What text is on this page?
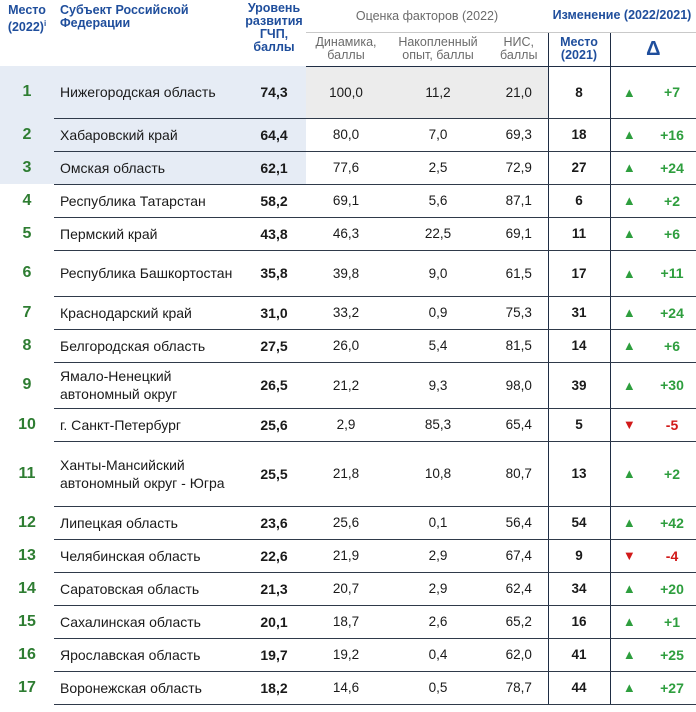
Место $(2022)^i$	Субъект Российской Федерации	Уровень развития ГЧП, баллы	Оценка факторов (2022)			Изменение (2022/2021)		
			Динамика, баллы	Накопленный опыт, баллы	НИС, баллы	Место (2021)	Δ	
1	Нижегородская область	74,3	100,0	11,2	21,0	8	▲	+7
2	Хабаровский край	64,4	80,0	7,0	69,3	18	▲	+16
3	Омская область	62,1	77,6	2,5	72,9	27	▲	+24
4	Республика Татарстан	58,2	69,1	5,6	87,1	6	▲	+2
5	Пермский край	43,8	46,3	22,5	69,1	11	▲	+6
6	Республика Башкортостан	35,8	39,8	9,0	61,5	17	▲	+11
7	Краснодарский край	31,0	33,2	0,9	75,3	31	▲	+24
8	Белгородская область	27,5	26,0	5,4	81,5	14	▲	+6
9	Ямало-Ненецкий автономный округ	26,5	21,2	9,3	98,0	39	▲	+30
10	г. Санкт-Петербург	25,6	2,9	85,3	65,4	5	▼	-5
11	Ханты-Мансийский автономный округ - Югра	25,5	21,8	10,8	80,7	13	▲	+2
12	Липецкая область	23,6	25,6	0,1	56,4	54	▲	+42
13	Челябинская область	22,6	21,9	2,9	67,4	9	▼	-4
14	Саратовская область	21,3	20,7	2,9	62,4	34	▲	+20
15	Сахалинская область	20,1	18,7	2,6	65,2	16	▲	+1
16	Ярославская область	19,7	19,2	0,4	62,0	41	▲	+25
17	Воронежская область	18,2	14,6	0,5	78,7	44	▲	+27
